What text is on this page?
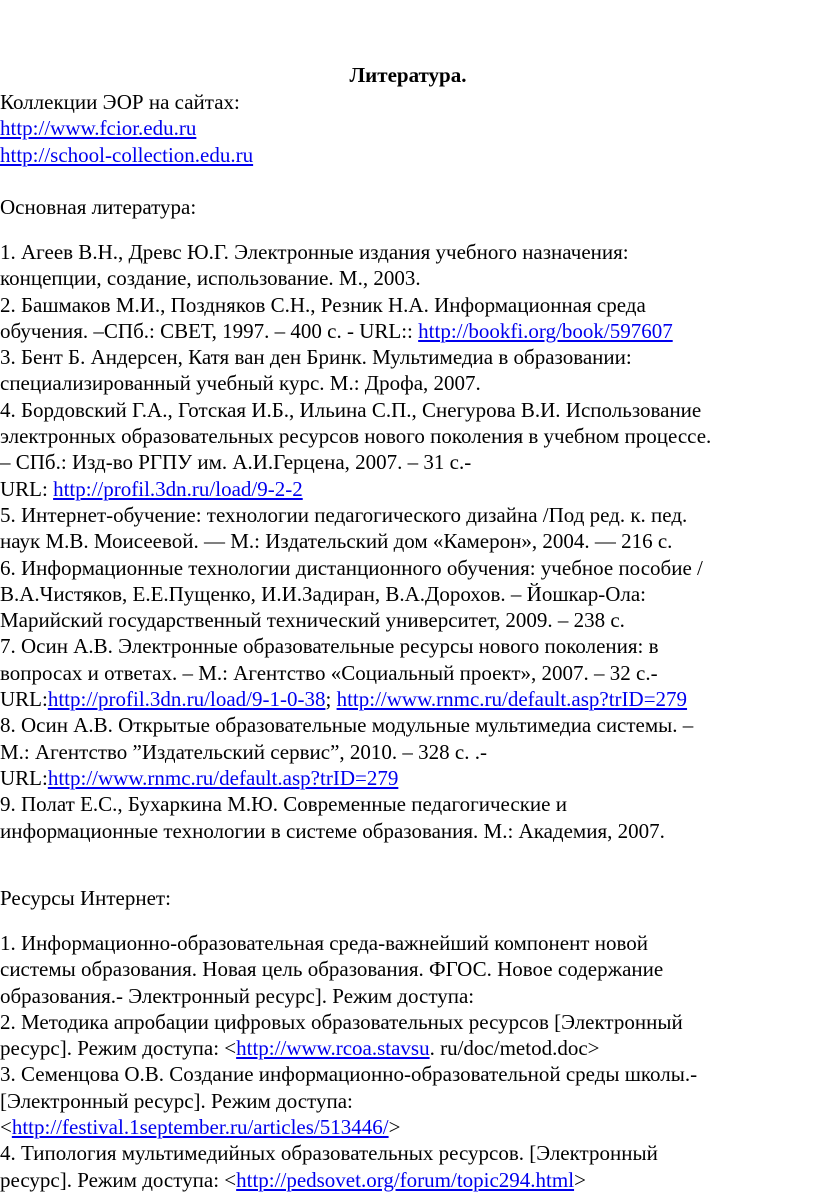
Литература.
Коллекции ЭОР на сайтах:
http://www.fcior.edu.ru
http://school-collection.edu.ru
Основная литература:
1. Агеев В.Н., Древс Ю.Г. Электронные издания учебного назначения:
концепции, создание, использование. М., 2003.
2. Башмаков М.И., Поздняков С.Н., Резник Н.А. Информационная среда
обучения. –СПб.: СВЕТ, 1997. – 400 с. - URL:: http://bookfi.org/book/597607
3. Бент Б. Андерсен, Катя ван ден Бринк. Мультимедиа в образовании:
специализированный учебный курс. М.: Дрофа, 2007.
4. Бордовский Г.А., Готская И.Б., Ильина С.П., Снегурова В.И. Использование
электронных образовательных ресурсов нового поколения в учебном процессе.
– СПб.: Изд-во РГПУ им. А.И.Герцена, 2007. – 31 с.-
URL: http://profil.3dn.ru/load/9-2-2
5. Интернет-обучение: технологии педагогического дизайна /Под ред. к. пед.
наук М.В. Моисеевой. — М.: Издательский дом «Камерон», 2004. — 216 с.
6. Информационные технологии дистанционного обучения: учебное пособие /
В.А.Чистяков, Е.Е.Пущенко, И.И.Задиран, В.А.Дорохов. – Йошкар-Ола:
Марийский государственный технический университет, 2009. – 238 с.
7. Осин А.В. Электронные образовательные ресурсы нового поколения: в
вопросах и ответах. – М.: Агентство «Социальный проект», 2007. – 32 с.-
URL:http://profil.3dn.ru/load/9-1-0-38; http://www.rnmc.ru/default.asp?trID=279
8. Осин А.В. Открытые образовательные модульные мультимедиа системы. –
М.: Агентство ”Издательский сервис”, 2010. – 328 с. .-
URL:http://www.rnmc.ru/default.asp?trID=279
9. Полат Е.С., Бухаркина М.Ю. Современные педагогические и
информационные технологии в системе образования. М.: Академия, 2007.
Ресурсы Интернет:
1. Информационно-образовательная среда-важнейший компонент новой
системы образования. Новая цель образования. ФГОС. Новое содержание
образования.- Электронный ресурс]. Режим доступа:
2. Методика апробации цифровых образовательных ресурсов [Электронный
ресурс]. Режим доступа: <http://www.rcoa.stavsu. ru/doc/metod.doc>
3. Семенцова О.В. Создание информационно-образовательной среды школы.-
[Электронный ресурс]. Режим доступа:
<http://festival.1september.ru/articles/513446/>
4. Типология мультимедийных образовательных ресурсов. [Электронный
ресурс]. Режим доступа: <http://pedsovet.org/forum/topic294.html>
